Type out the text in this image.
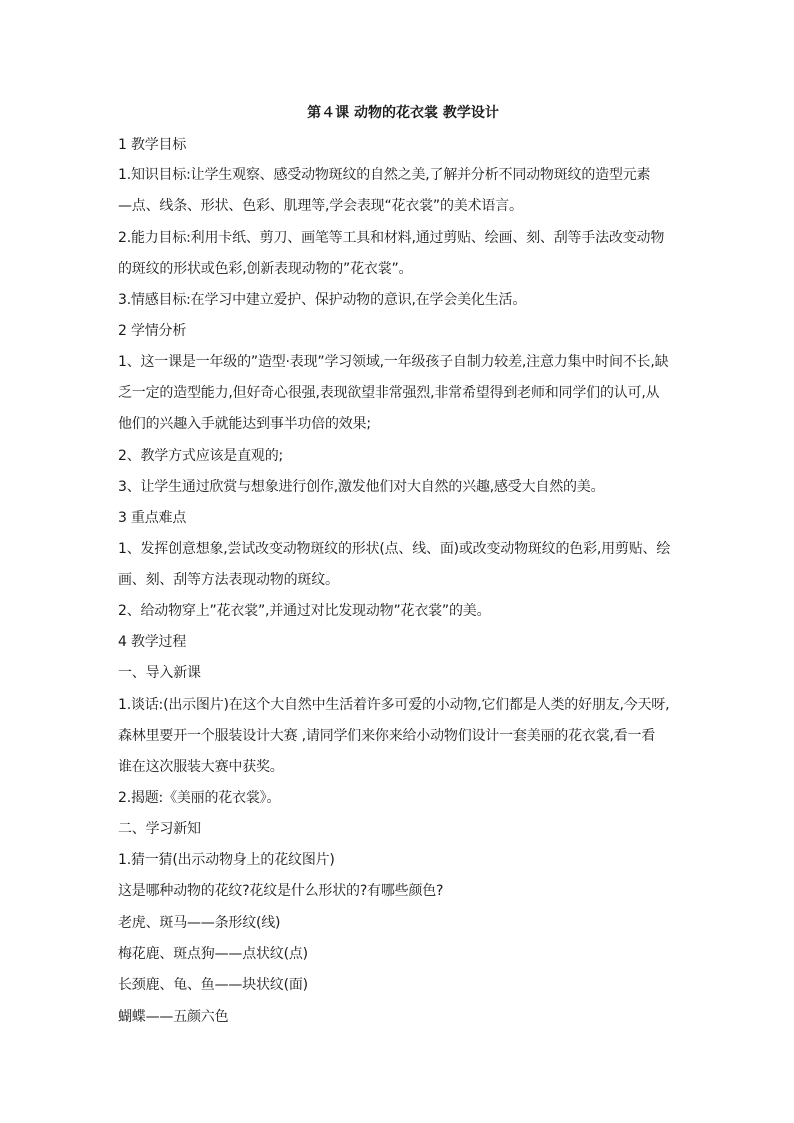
第４课 动物的花衣裳 教学设计
1 教学目标
1.知识目标:让学生观察、感受动物斑纹的自然之美,了解并分析不同动物斑纹的造型元素
—点、线条、形状、色彩、肌理等,学会表现“花衣裳”的美术语言。
2.能力目标:利用卡纸、剪刀、画笔等工具和材料,通过剪贴、绘画、刻、刮等手法改变动物
的斑纹的形状或色彩,创新表现动物的”花衣裳”。
3.情感目标:在学习中建立爱护、保护动物的意识,在学会美化生活。
2 学情分析
1、这一课是一年级的”造型·表现”学习领域,一年级孩子自制力较差,注意力集中时间不长,缺
乏一定的造型能力,但好奇心很强,表现欲望非常强烈,非常希望得到老师和同学们的认可,从
他们的兴趣入手就能达到事半功倍的效果;
2、教学方式应该是直观的;
3、让学生通过欣赏与想象进行创作,激发他们对大自然的兴趣,感受大自然的美。
3 重点难点
1、发挥创意想象,尝试改变动物斑纹的形状(点、线、面)或改变动物斑纹的色彩,用剪贴、绘
画、刻、刮等方法表现动物的斑纹。
2、给动物穿上”花衣裳”,并通过对比发现动物”花衣裳”的美。
4 教学过程
一、导入新课
1.谈话:(出示图片)在这个大自然中生活着许多可爱的小动物,它们都是人类的好朋友,今天呀,
森林里要开一个服装设计大赛 ,请同学们来你来给小动物们设计一套美丽的花衣裳,看一看
谁在这次服装大赛中获奖。
2.揭题:《美丽的花衣裳》。
二、学习新知
1.猜一猜(出示动物身上的花纹图片)
这是哪种动物的花纹?花纹是什么形状的?有哪些颜色?
老虎、斑马——条形纹(线)
梅花鹿、斑点狗——点状纹(点)
长颈鹿、龟、鱼——块状纹(面)
蝴蝶——五颜六色
